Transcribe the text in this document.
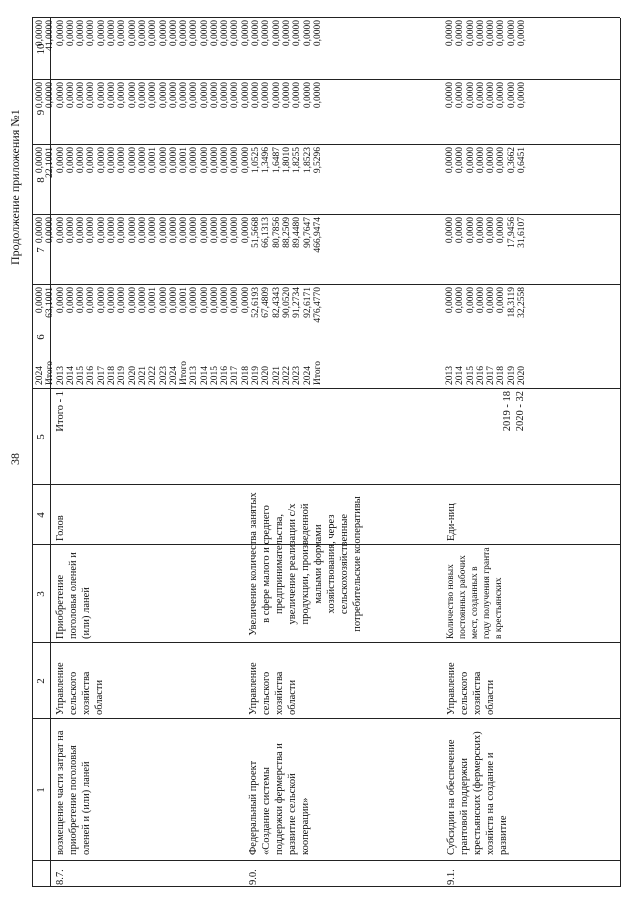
38
Продолжение приложения №1
1
2
3
4
5
6
7
8
9
10
8.7.
возмещение части затрат на приобретение поголовья оленей и (или) ланей
Управление сельского хозяйства области
Приобретение поголовья оленей и (или) ланей
Голов
Итого - 1
2024
Итого
2013
2014
2015
2016
2017
2018
2019
2020
2021
2022
2023
2024
0,0000
63,1001
0,0000
0,0000
0,0000
0,0000
0,0000
0,0000
0,0000
0,0000
0,0000
0,0001
0,0000
0,0000
0,0000
0,0000
0,0000
0,0000
0,0000
0,0000
0,0000
0,0000
0,0000
0,0000
0,0000
0,0000
0,0000
0,0000
0,0000
22,1001
0,0000
0,0000
0,0000
0,0000
0,0000
0,0000
0,0000
0,0000
0,0000
0,0001
0,0000
0,0000
0,0000
0,0000
0,0000
0,0000
0,0000
0,0000
0,0000
0,0000
0,0000
0,0000
0,0000
0,0000
0,0000
0,0000
0,0000
41,0000
0,0000
0,0000
0,0000
0,0000
0,0000
0,0000
0,0000
0,0000
0,0000
0,0000
0,0000
0,0000
9.0.
Федеральный проект «Создание системы поддержки фермерства и развитие сельской кооперации»
Управление сельского хозяйства области
Увеличение количества занятых в сфере малого и среднего предпринимательства, увеличение реализации с/х продукции, произведенной малыми формами хозяйствования, через сельскохозяйственные потребительские кооперативы
Итого
2013
2014
2015
2016
2017
2018
2019
2020
2021
2022
2023
2024
Итого
0,0001
0,0000
0,0000
0,0000
0,0000
0,0000
0,0000
52,6193
67,4809
82,4343
90,0520
91,2734
92,6171
476,4770
0,0000
0,0000
0,0000
0,0000
0,0000
0,0000
0,0000
51,5668
66,1313
80,7856
88,2509
89,4480
90,7647
466,9474
0,0001
0,0000
0,0000
0,0000
0,0000
0,0000
0,0000
1,0525
1,3496
1,6487
1,8010
1,8255
1,8523
9,5296
0,0000
0,0000
0,0000
0,0000
0,0000
0,0000
0,0000
0,0000
0,0000
0,0000
0,0000
0,0000
0,0000
0,0000
0,0000
0,0000
0,0000
0,0000
0,0000
0,0000
0,0000
0,0000
0,0000
0,0000
0,0000
0,0000
0,0000
0,0000
9.1.
Субсидии на обеспечение грантовой поддержки крестьянских (фермерских) хозяйств на создание и развитие
Управление сельского хозяйства области
Количество новых постоянных рабочих мест, созданных в году получения гранта в крестьянских
Еди-ниц
2019 - 18
2020 - 32
2013
2014
2015
2016
2017
2018
2019
2020
0,0000
0,0000
0,0000
0,0000
0,0000
0,0000
18,3119
32,2558
0,0000
0,0000
0,0000
0,0000
0,0000
0,0000
17,9456
31,6107
0,0000
0,0000
0,0000
0,0000
0,0000
0,0000
0,3662
0,6451
0,0000
0,0000
0,0000
0,0000
0,0000
0,0000
0,0000
0,0000
0,0000
0,0000
0,0000
0,0000
0,0000
0,0000
0,0000
0,0000
